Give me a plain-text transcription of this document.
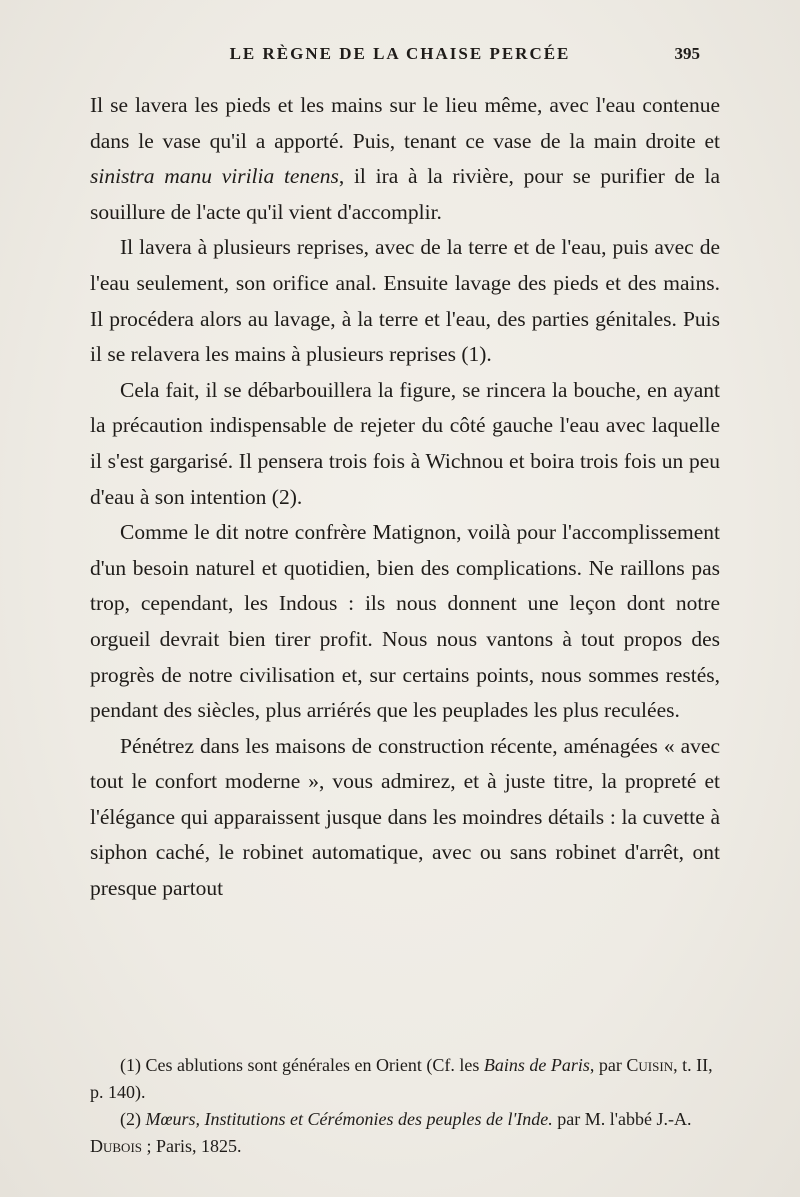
LE RÈGNE DE LA CHAISE PERCÉE	395

Il se lavera les pieds et les mains sur le lieu même, avec l'eau contenue dans le vase qu'il a apporté. Puis, tenant ce vase de la main droite et sinistra manu virilia tenens, il ira à la rivière, pour se purifier de la souillure de l'acte qu'il vient d'accomplir.

Il lavera à plusieurs reprises, avec de la terre et de l'eau, puis avec de l'eau seulement, son orifice anal. Ensuite lavage des pieds et des mains. Il procédera alors au lavage, à la terre et l'eau, des parties génitales. Puis il se relavera les mains à plusieurs reprises (1).

Cela fait, il se débarbouillera la figure, se rincera la bouche, en ayant la précaution indispensable de rejeter du côté gauche l'eau avec laquelle il s'est gargarisé. Il pensera trois fois à Wichnou et boira trois fois un peu d'eau à son intention (2).

Comme le dit notre confrère Matignon, voilà pour l'accomplissement d'un besoin naturel et quotidien, bien des complications. Ne raillons pas trop, cependant, les Indous : ils nous donnent une leçon dont notre orgueil devrait bien tirer profit. Nous nous vantons à tout propos des progrès de notre civilisation et, sur certains points, nous sommes restés, pendant des siècles, plus arriérés que les peuplades les plus reculées.

Pénétrez dans les maisons de construction récente, aménagées « avec tout le confort moderne », vous admirez, et à juste titre, la propreté et l'élégance qui apparaissent jusque dans les moindres détails : la cuvette à siphon caché, le robinet automatique, avec ou sans robinet d'arrêt, ont presque partout

(1) Ces ablutions sont générales en Orient (Cf. les Bains de Paris, par Cuisin, t. II, p. 140).

(2) Mœurs, Institutions et Cérémonies des peuples de l'Inde. par M. l'abbé J.-A. Dubois ; Paris, 1825.
